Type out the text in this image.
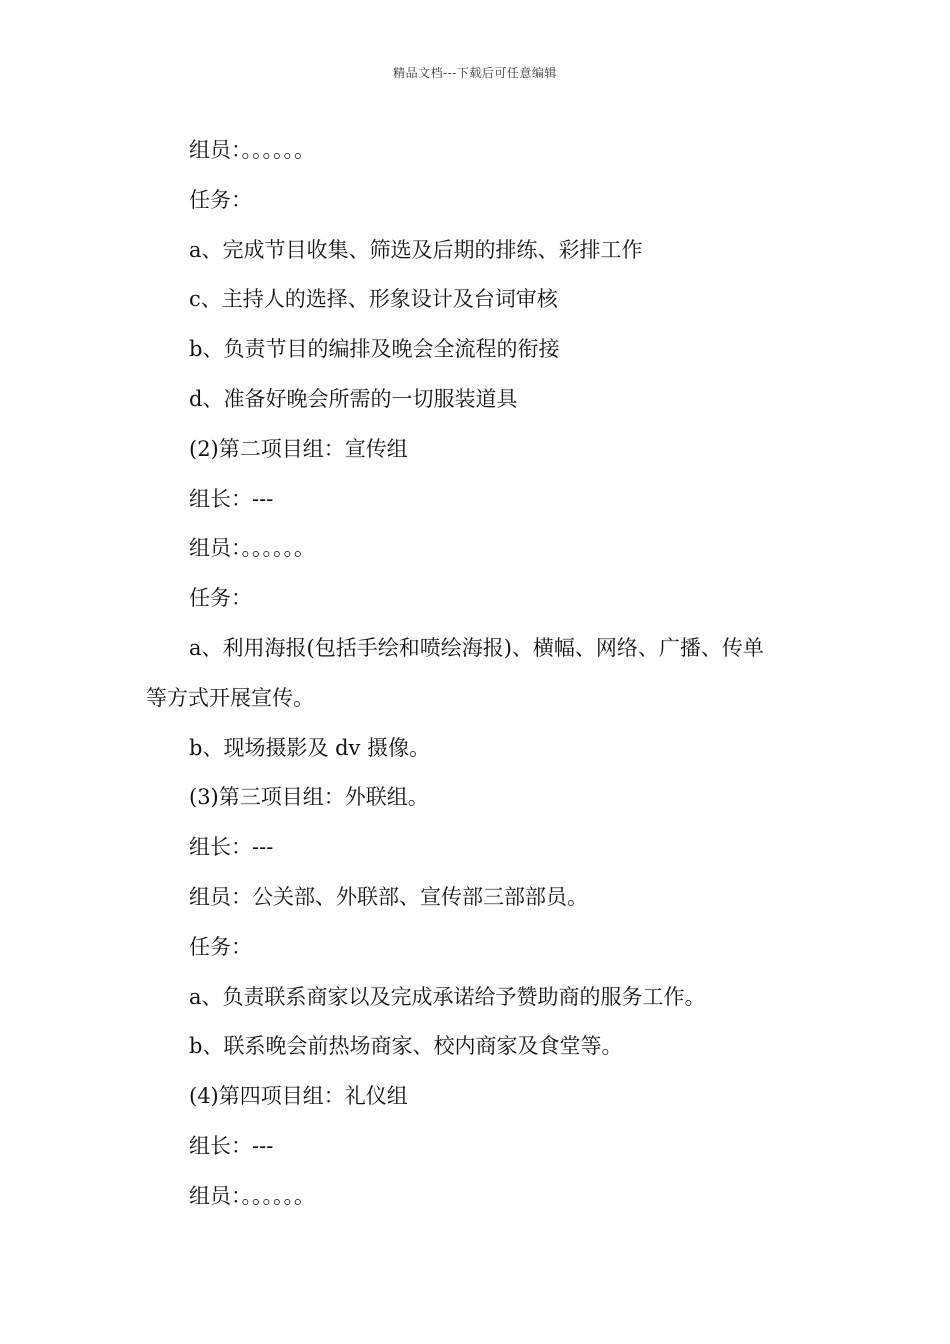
精品文档---下载后可任意编辑
组员：。。。。。。
任务：
a、完成节目收集、筛选及后期的排练、彩排工作
c、主持人的选择、形象设计及台词审核
b、负责节目的编排及晚会全流程的衔接
d、准备好晚会所需的一切服装道具
(2)第二项目组：宣传组
组长：---
组员：。。。。。。
任务：
a、利用海报(包括手绘和喷绘海报)、横幅、网络、广播、传单
等方式开展宣传。
b、现场摄影及 dv 摄像。
(3)第三项目组：外联组。
组长：---
组员：公关部、外联部、宣传部三部部员。
任务：
a、负责联系商家以及完成承诺给予赞助商的服务工作。
b、联系晚会前热场商家、校内商家及食堂等。
(4)第四项目组：礼仪组
组长：---
组员：。。。。。。
